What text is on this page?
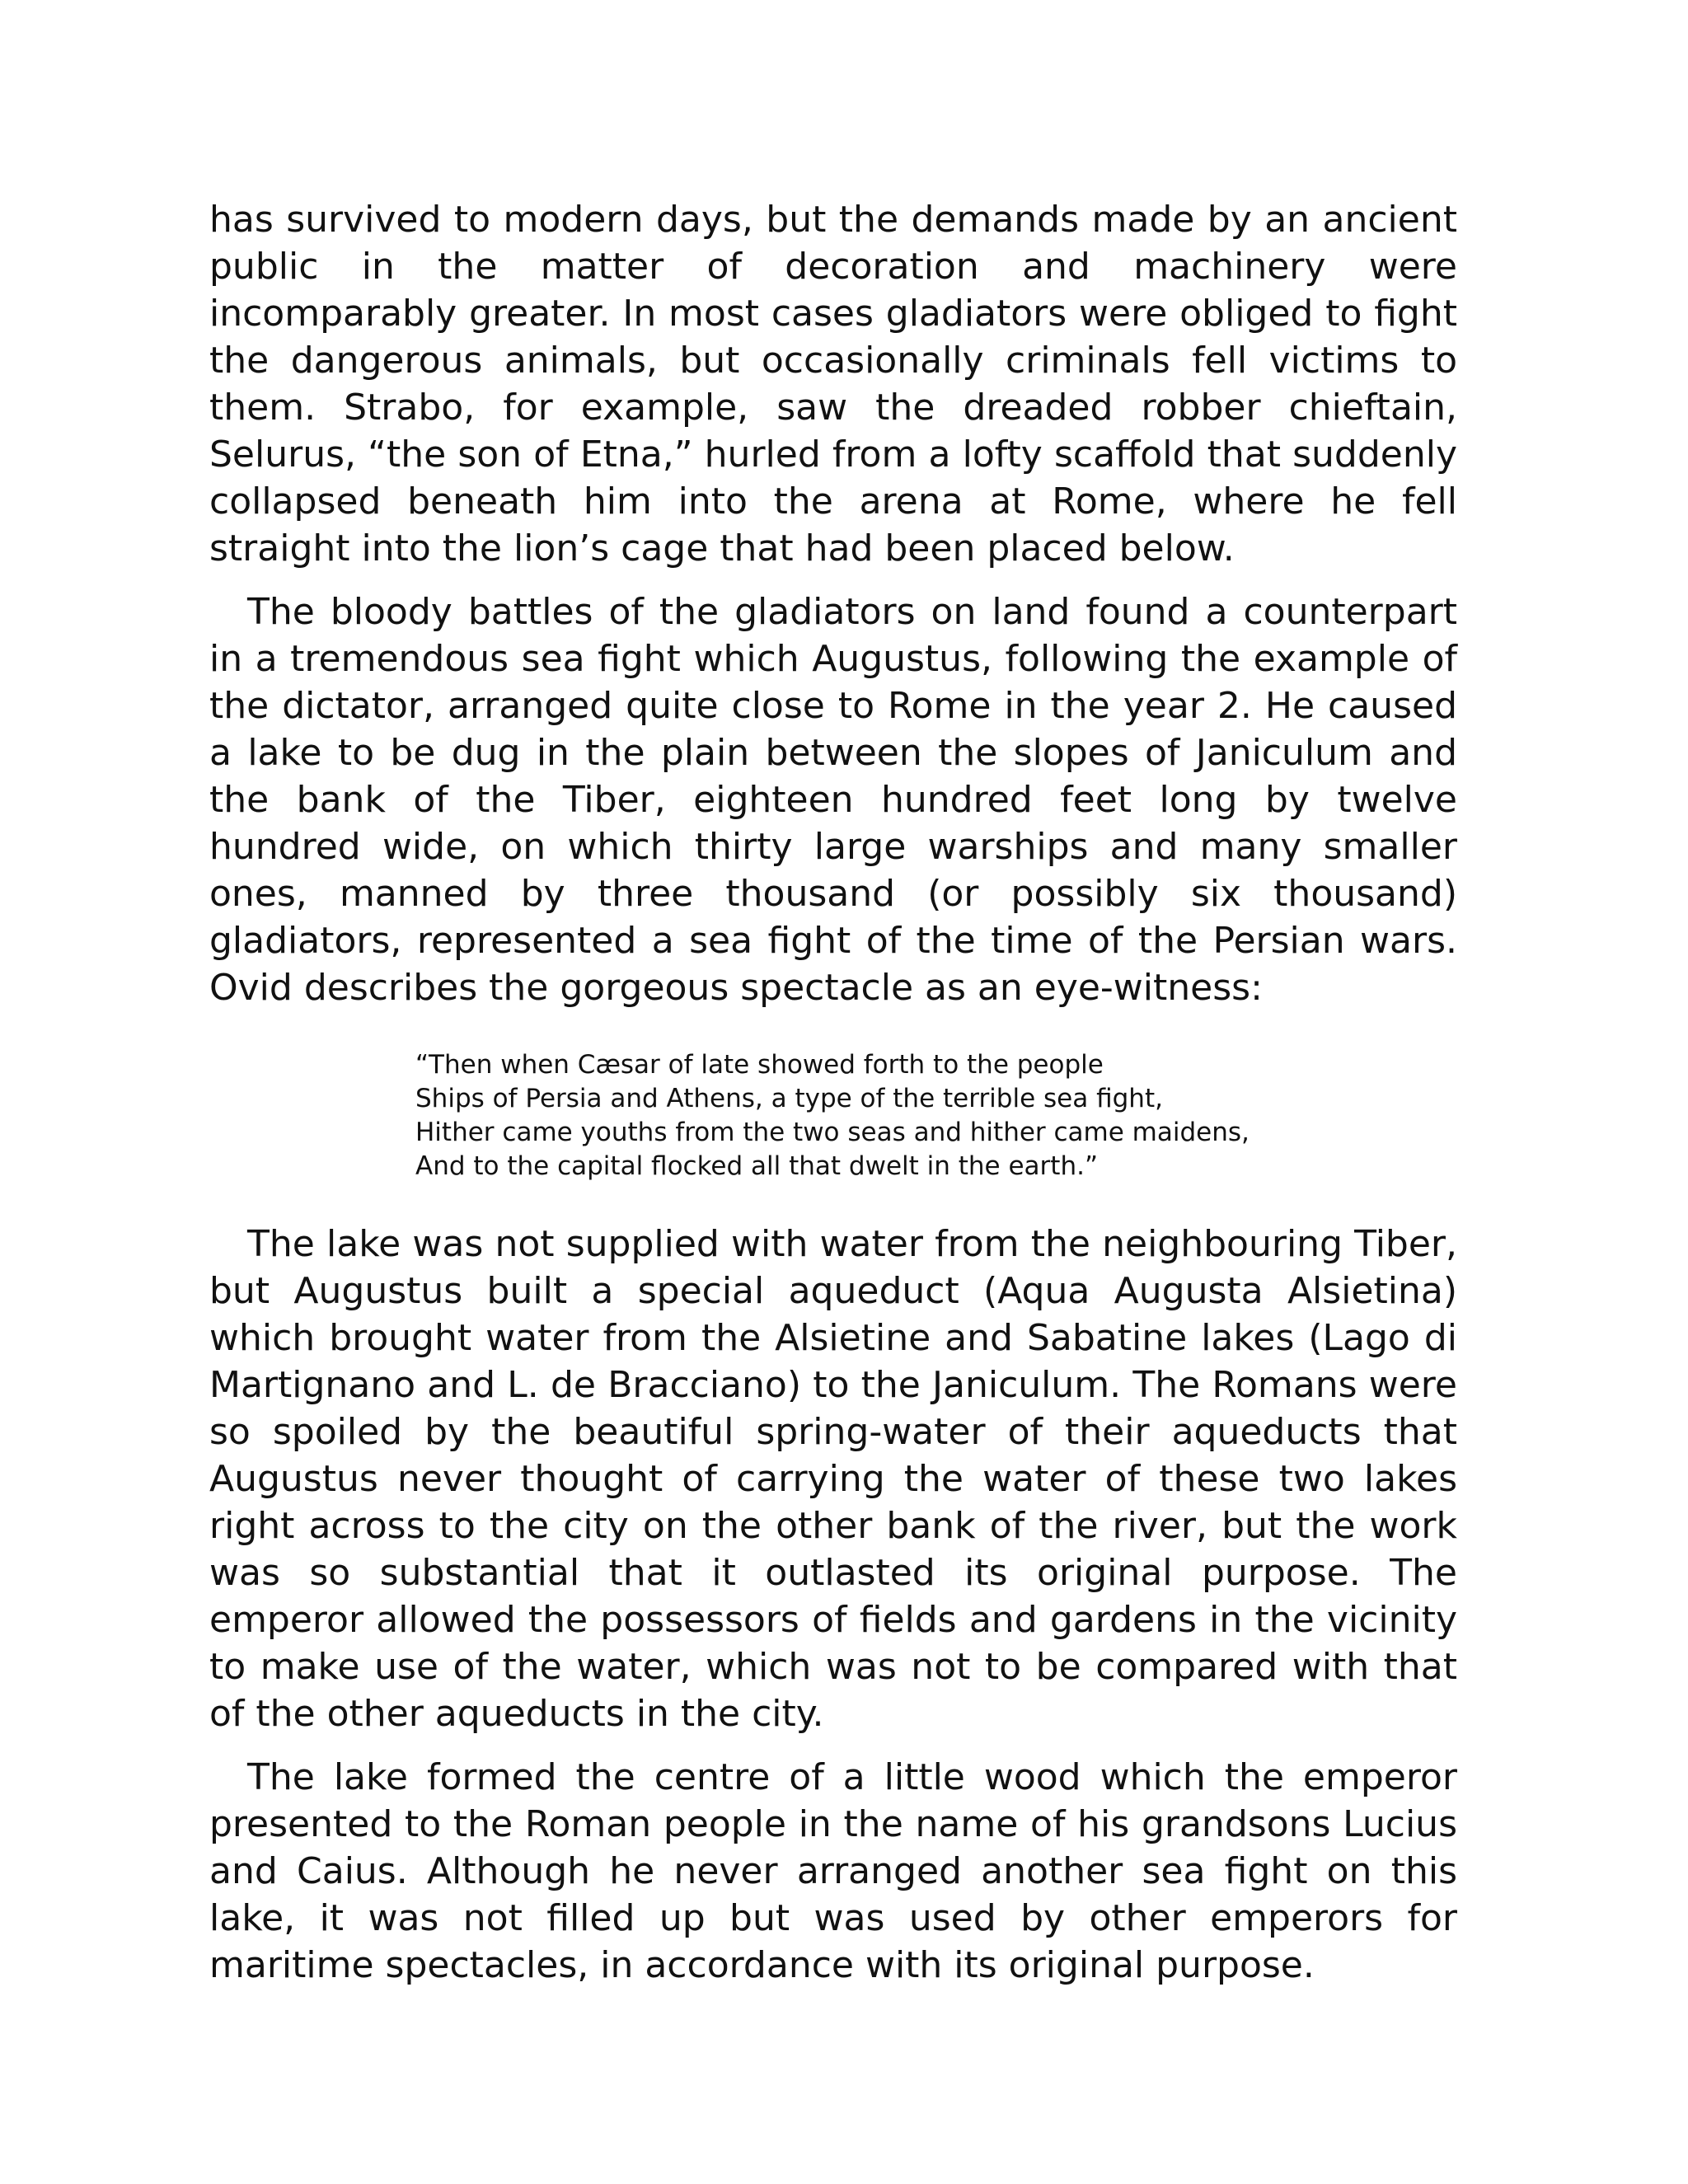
has survived to modern days, but the demands made by an ancient public in the matter of decoration and machinery were incomparably greater. In most cases gladiators were obliged to fight the dangerous animals, but occasionally criminals fell victims to them. Strabo, for example, saw the dreaded robber chieftain, Selurus, “the son of Etna,” hurled from a lofty scaffold that suddenly collapsed beneath him into the arena at Rome, where he fell straight into the lion’s cage that had been placed below.

The bloody battles of the gladiators on land found a counterpart in a tremendous sea fight which Augustus, following the example of the dictator, arranged quite close to Rome in the year 2. He caused a lake to be dug in the plain between the slopes of Janiculum and the bank of the Tiber, eighteen hundred feet long by twelve hundred wide, on which thirty large warships and many smaller ones, manned by three thousand (or possibly six thousand) gladiators, represented a sea fight of the time of the Persian wars. Ovid describes the gorgeous spectacle as an eye-witness:

“Then when Cæsar of late showed forth to the people
Ships of Persia and Athens, a type of the terrible sea fight,
Hither came youths from the two seas and hither came maidens,
And to the capital flocked all that dwelt in the earth.”

The lake was not supplied with water from the neighbouring Tiber, but Augustus built a special aqueduct (Aqua Augusta Alsietina) which brought water from the Alsietine and Sabatine lakes (Lago di Martignano and L. de Bracciano) to the Janiculum. The Romans were so spoiled by the beautiful spring-water of their aqueducts that Augustus never thought of carrying the water of these two lakes right across to the city on the other bank of the river, but the work was so substantial that it outlasted its original purpose. The emperor allowed the possessors of fields and gardens in the vicinity to make use of the water, which was not to be compared with that of the other aqueducts in the city.

The lake formed the centre of a little wood which the emperor presented to the Roman people in the name of his grandsons Lucius and Caius. Although he never arranged another sea fight on this lake, it was not filled up but was used by other emperors for maritime spectacles, in accordance with its original purpose.
